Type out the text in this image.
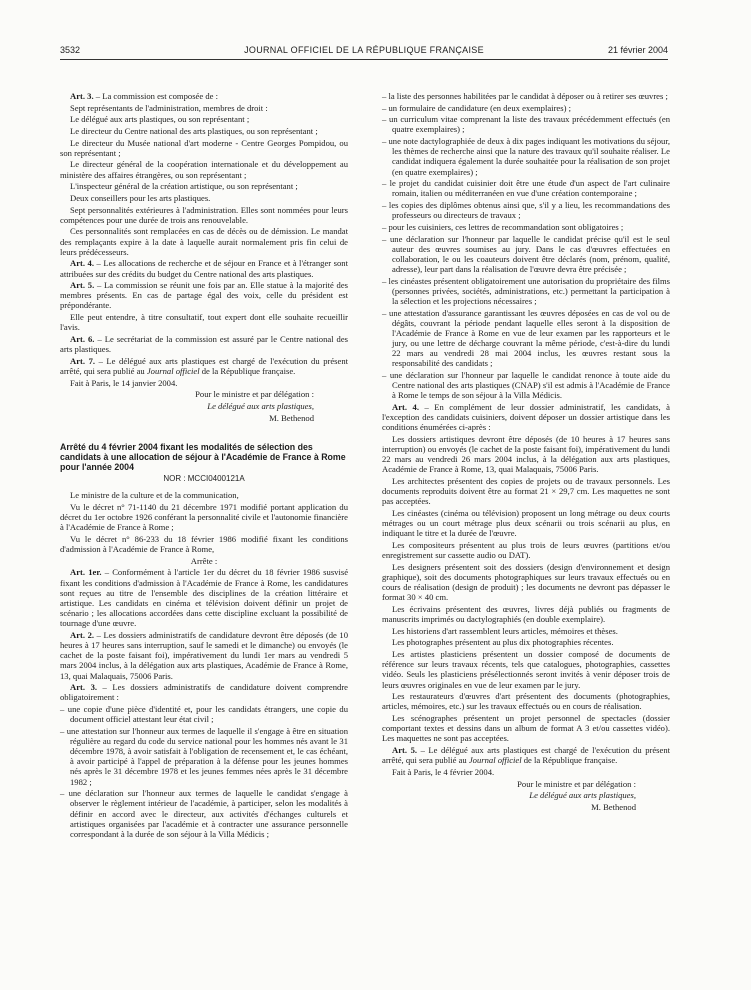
3532	JOURNAL OFFICIEL DE LA RÉPUBLIQUE FRANÇAISE	21 février 2004

Art. 3. – La commission est composée de :

Sept représentants de l'administration, membres de droit :

Le délégué aux arts plastiques, ou son représentant ;

Le directeur du Centre national des arts plastiques, ou son représentant ;

Le directeur du Musée national d'art moderne - Centre Georges Pompidou, ou son représentant ;

Le directeur général de la coopération internationale et du développement au ministère des affaires étrangères, ou son représentant ;

L'inspecteur général de la création artistique, ou son représentant ;

Deux conseillers pour les arts plastiques.

Sept personnalités extérieures à l'administration. Elles sont nommées pour leurs compétences pour une durée de trois ans renouvelable.

Ces personnalités sont remplacées en cas de décès ou de démission. Le mandat des remplaçants expire à la date à laquelle aurait normalement pris fin celui de leurs prédécesseurs.

Art. 4. – Les allocations de recherche et de séjour en France et à l'étranger sont attribuées sur des crédits du budget du Centre national des arts plastiques.

Art. 5. – La commission se réunit une fois par an. Elle statue à la majorité des membres présents. En cas de partage égal des voix, celle du président est prépondérante.

Elle peut entendre, à titre consultatif, tout expert dont elle souhaite recueillir l'avis.

Art. 6. – Le secrétariat de la commission est assuré par le Centre national des arts plastiques.

Art. 7. – Le délégué aux arts plastiques est chargé de l'exécution du présent arrêté, qui sera publié au Journal officiel de la République française.

Fait à Paris, le 14 janvier 2004.

Pour le ministre et par délégation :

Le délégué aux arts plastiques,

M. Bethenod

Arrêté du 4 février 2004 fixant les modalités de sélection des candidats à une allocation de séjour à l'Académie de France à Rome pour l'année 2004

NOR : MCCI0400121A

Le ministre de la culture et de la communication,

Vu le décret n° 71-1140 du 21 décembre 1971 modifié portant application du décret du 1er octobre 1926 conférant la personnalité civile et l'autonomie financière à l'Académie de France à Rome ;

Vu le décret n° 86-233 du 18 février 1986 modifié fixant les conditions d'admission à l'Académie de France à Rome,

Arrête :

Art. 1er. – Conformément à l'article 1er du décret du 18 février 1986 susvisé fixant les conditions d'admission à l'Académie de France à Rome, les candidatures sont reçues au titre de l'ensemble des disciplines de la création littéraire et artistique. Les candidats en cinéma et télévision doivent définir un projet de scénario ; les allocations accordées dans cette discipline excluant la possibilité de tournage d'une œuvre.

Art. 2. – Les dossiers administratifs de candidature devront être déposés (de 10 heures à 17 heures sans interruption, sauf le samedi et le dimanche) ou envoyés (le cachet de la poste faisant foi), impérativement du lundi 1er mars au vendredi 5 mars 2004 inclus, à la délégation aux arts plastiques, Académie de France à Rome, 13, quai Malaquais, 75006 Paris.

Art. 3. – Les dossiers administratifs de candidature doivent comprendre obligatoirement :

– une copie d'une pièce d'identité et, pour les candidats étrangers, une copie du document officiel attestant leur état civil ;

– une attestation sur l'honneur aux termes de laquelle il s'engage à être en situation régulière au regard du code du service national pour les hommes nés avant le 31 décembre 1978, à avoir satisfait à l'obligation de recensement et, le cas échéant, à avoir participé à l'appel de préparation à la défense pour les jeunes hommes nés après le 31 décembre 1978 et les jeunes femmes nées après le 31 décembre 1982 ;

– une déclaration sur l'honneur aux termes de laquelle le candidat s'engage à observer le règlement intérieur de l'académie, à participer, selon les modalités à définir en accord avec le directeur, aux activités d'échanges culturels et artistiques organisées par l'académie et à contracter une assurance personnelle correspondant à la durée de son séjour à la Villa Médicis ;

– la liste des personnes habilitées par le candidat à déposer ou à retirer ses œuvres ;

– un formulaire de candidature (en deux exemplaires) ;

– un curriculum vitae comprenant la liste des travaux précédemment effectués (en quatre exemplaires) ;

– une note dactylographiée de deux à dix pages indiquant les motivations du séjour, les thèmes de recherche ainsi que la nature des travaux qu'il souhaite réaliser. Le candidat indiquera également la durée souhaitée pour la réalisation de son projet (en quatre exemplaires) ;

– le projet du candidat cuisinier doit être une étude d'un aspect de l'art culinaire romain, italien ou méditerranéen en vue d'une création contemporaine ;

– les copies des diplômes obtenus ainsi que, s'il y a lieu, les recommandations des professeurs ou directeurs de travaux ;

– pour les cuisiniers, ces lettres de recommandation sont obligatoires ;

– une déclaration sur l'honneur par laquelle le candidat précise qu'il est le seul auteur des œuvres soumises au jury. Dans le cas d'œuvres effectuées en collaboration, le ou les coauteurs doivent être déclarés (nom, prénom, qualité, adresse), leur part dans la réalisation de l'œuvre devra être précisée ;

– les cinéastes présentent obligatoirement une autorisation du propriétaire des films (personnes privées, sociétés, administrations, etc.) permettant la participation à la sélection et les projections nécessaires ;

– une attestation d'assurance garantissant les œuvres déposées en cas de vol ou de dégâts, couvrant la période pendant laquelle elles seront à la disposition de l'Académie de France à Rome en vue de leur examen par les rapporteurs et le jury, ou une lettre de décharge couvrant la même période, c'est-à-dire du lundi 22 mars au vendredi 28 mai 2004 inclus, les œuvres restant sous la responsabilité des candidats ;

– une déclaration sur l'honneur par laquelle le candidat renonce à toute aide du Centre national des arts plastiques (CNAP) s'il est admis à l'Académie de France à Rome le temps de son séjour à la Villa Médicis.

Art. 4. – En complément de leur dossier administratif, les candidats, à l'exception des candidats cuisiniers, doivent déposer un dossier artistique dans les conditions énumérées ci-après :

Les dossiers artistiques devront être déposés (de 10 heures à 17 heures sans interruption) ou envoyés (le cachet de la poste faisant foi), impérativement du lundi 22 mars au vendredi 26 mars 2004 inclus, à la délégation aux arts plastiques, Académie de France à Rome, 13, quai Malaquais, 75006 Paris.

Les architectes présentent des copies de projets ou de travaux personnels. Les documents reproduits doivent être au format 21 × 29,7 cm. Les maquettes ne sont pas acceptées.

Les cinéastes (cinéma ou télévision) proposent un long métrage ou deux courts métrages ou un court métrage plus deux scénarii ou trois scénarii au plus, en indiquant le titre et la durée de l'œuvre.

Les compositeurs présentent au plus trois de leurs œuvres (partitions et/ou enregistrement sur cassette audio ou DAT).

Les designers présentent soit des dossiers (design d'environnement et design graphique), soit des documents photographiques sur leurs travaux effectués ou en cours de réalisation (design de produit) ; les documents ne devront pas dépasser le format 30 × 40 cm.

Les écrivains présentent des œuvres, livres déjà publiés ou fragments de manuscrits imprimés ou dactylographiés (en double exemplaire).

Les historiens d'art rassemblent leurs articles, mémoires et thèses.

Les photographes présentent au plus dix photographies récentes.

Les artistes plasticiens présentent un dossier composé de documents de référence sur leurs travaux récents, tels que catalogues, photographies, cassettes vidéo. Seuls les plasticiens présélectionnés seront invités à venir déposer trois de leurs œuvres originales en vue de leur examen par le jury.

Les restaurateurs d'œuvres d'art présentent des documents (photographies, articles, mémoires, etc.) sur les travaux effectués ou en cours de réalisation.

Les scénographes présentent un projet personnel de spectacles (dossier comportant textes et dessins dans un album de format A 3 et/ou cassettes vidéo). Les maquettes ne sont pas acceptées.

Art. 5. – Le délégué aux arts plastiques est chargé de l'exécution du présent arrêté, qui sera publié au Journal officiel de la République française.

Fait à Paris, le 4 février 2004.

Pour le ministre et par délégation :

Le délégué aux arts plastiques,

M. Bethenod
